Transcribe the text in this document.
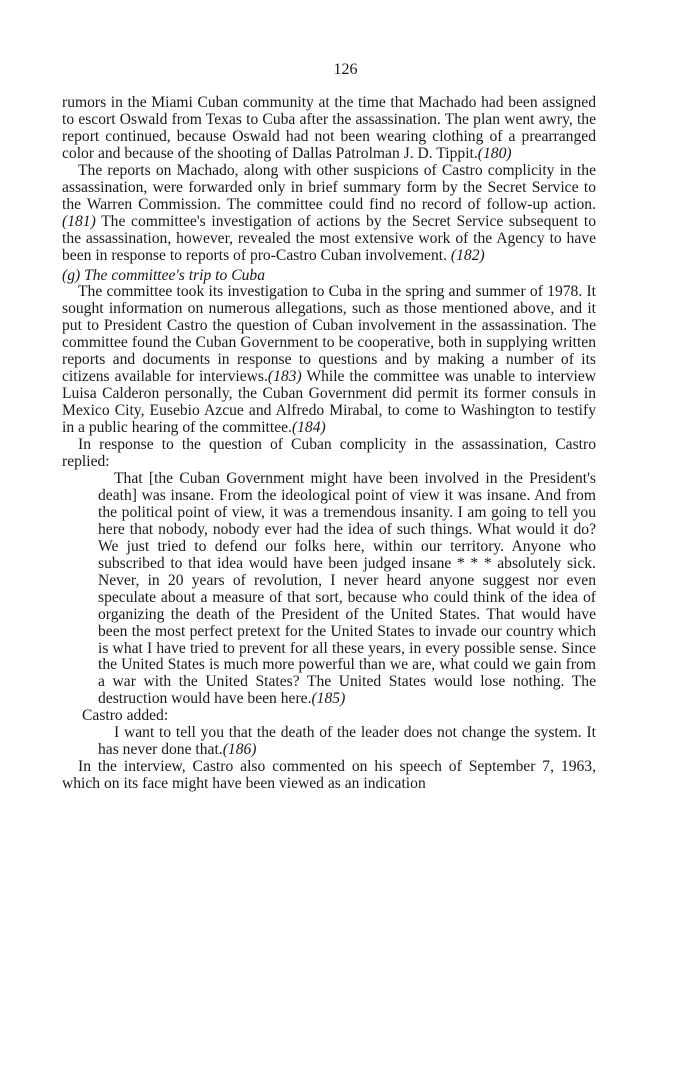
126

rumors in the Miami Cuban community at the time that Machado had been assigned to escort Oswald from Texas to Cuba after the assassination. The plan went awry, the report continued, because Oswald had not been wearing clothing of a prearranged color and because of the shooting of Dallas Patrolman J. D. Tippit.(180)

The reports on Machado, along with other suspicions of Castro complicity in the assassination, were forwarded only in brief summary form by the Secret Service to the Warren Commission. The committee could find no record of follow-up action.(181) The committee's investigation of actions by the Secret Service subsequent to the assassination, however, revealed the most extensive work of the Agency to have been in response to reports of pro-Castro Cuban involvement. (182)

(g) The committee's trip to Cuba

The committee took its investigation to Cuba in the spring and summer of 1978. It sought information on numerous allegations, such as those mentioned above, and it put to President Castro the question of Cuban involvement in the assassination. The committee found the Cuban Government to be cooperative, both in supplying written reports and documents in response to questions and by making a number of its citizens available for interviews.(183) While the committee was unable to interview Luisa Calderon personally, the Cuban Government did permit its former consuls in Mexico City, Eusebio Azcue and Alfredo Mirabal, to come to Washington to testify in a public hearing of the committee.(184)

In response to the question of Cuban complicity in the assassination, Castro replied:

That [the Cuban Government might have been involved in the President's death] was insane. From the ideological point of view it was insane. And from the political point of view, it was a tremendous insanity. I am going to tell you here that nobody, nobody ever had the idea of such things. What would it do? We just tried to defend our folks here, within our territory. Anyone who subscribed to that idea would have been judged insane * * * absolutely sick. Never, in 20 years of revolution, I never heard anyone suggest nor even speculate about a measure of that sort, because who could think of the idea of organizing the death of the President of the United States. That would have been the most perfect pretext for the United States to invade our country which is what I have tried to prevent for all these years, in every possible sense. Since the United States is much more powerful than we are, what could we gain from a war with the United States? The United States would lose nothing. The destruction would have been here.(185)

Castro added:

I want to tell you that the death of the leader does not change the system. It has never done that.(186)

In the interview, Castro also commented on his speech of September 7, 1963, which on its face might have been viewed as an indication
